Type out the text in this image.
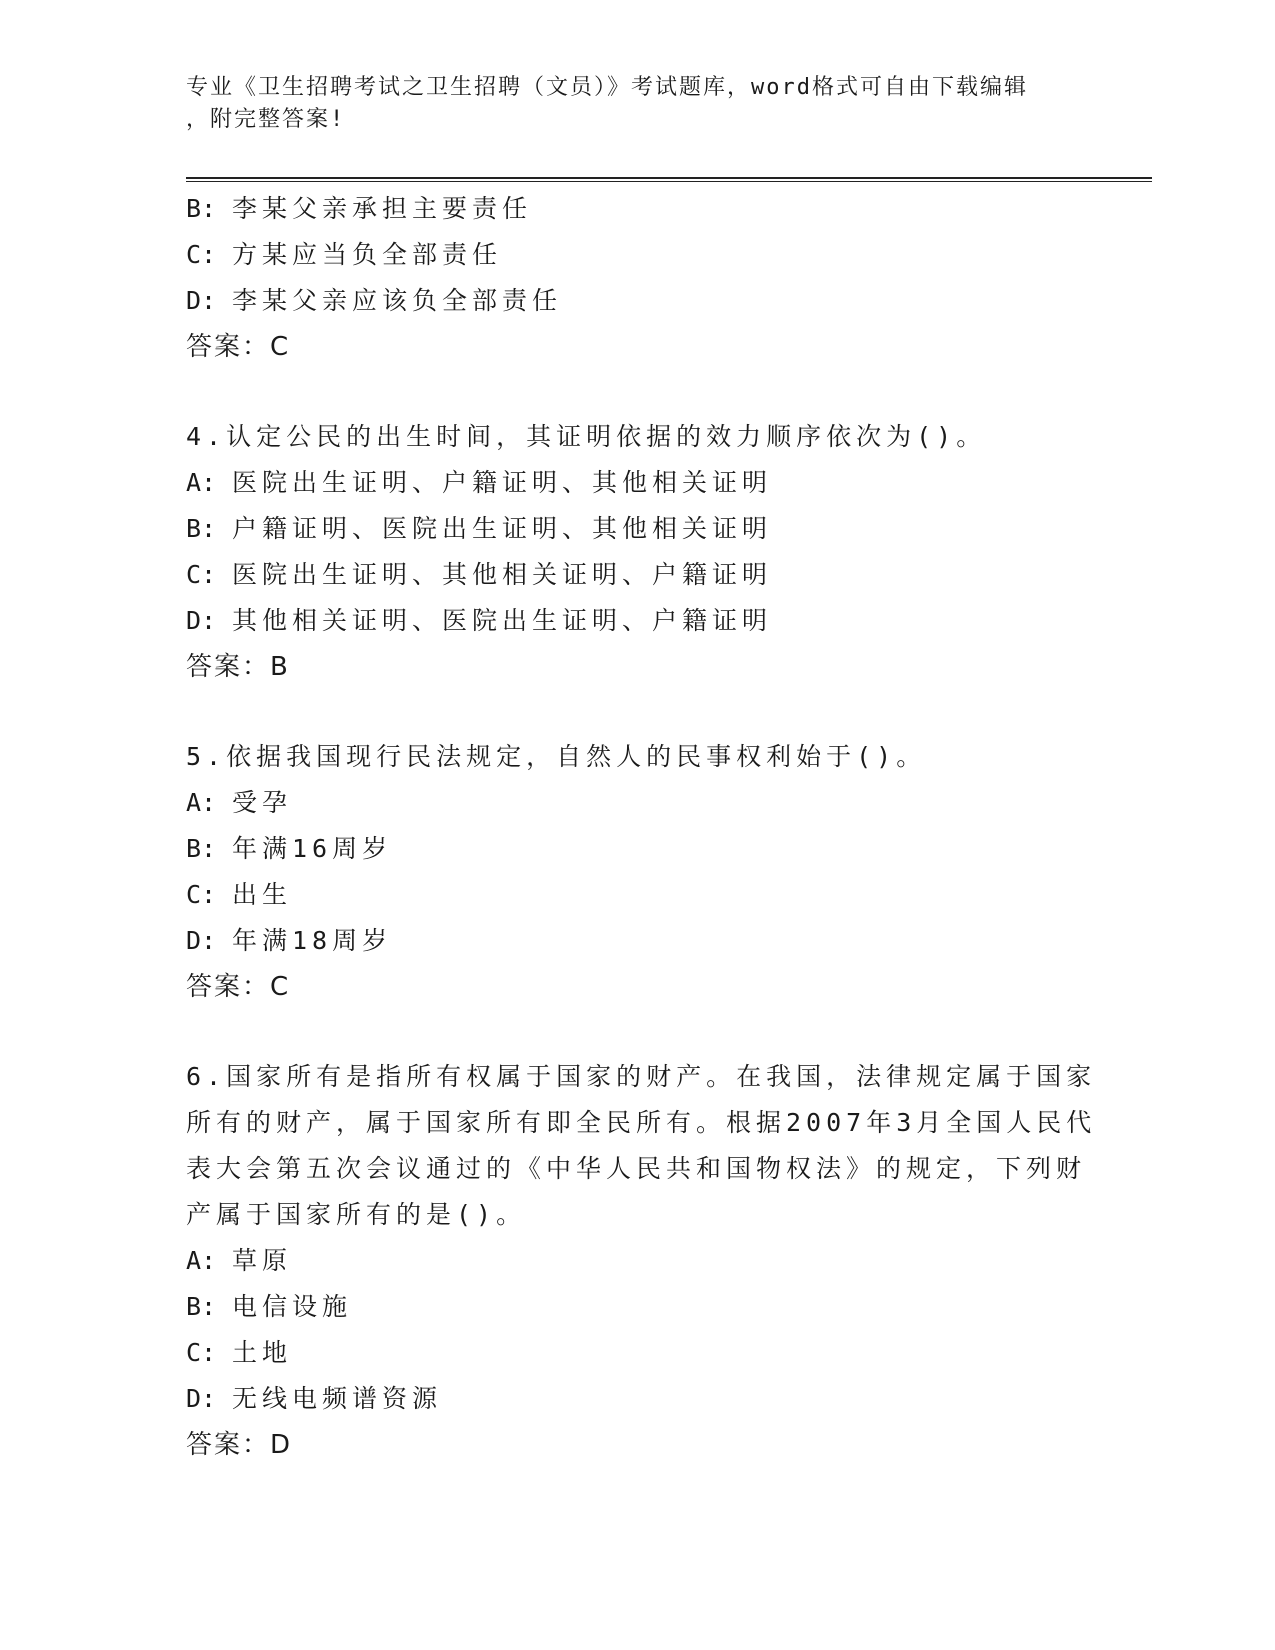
专业《卫生招聘考试之卫生招聘（文员）》考试题库，word格式可自由下载编辑
，附完整答案!
B: 李某父亲承担主要责任
C: 方某应当负全部责任
D: 李某父亲应该负全部责任
答案：C
4.认定公民的出生时间，其证明依据的效力顺序依次为()。
A: 医院出生证明、户籍证明、其他相关证明
B: 户籍证明、医院出生证明、其他相关证明
C: 医院出生证明、其他相关证明、户籍证明
D: 其他相关证明、医院出生证明、户籍证明
答案：B
5.依据我国现行民法规定，自然人的民事权利始于()。
A: 受孕
B: 年满16周岁
C: 出生
D: 年满18周岁
答案：C
6.国家所有是指所有权属于国家的财产。在我国，法律规定属于国家
所有的财产，属于国家所有即全民所有。根据2007年3月全国人民代
表大会第五次会议通过的《中华人民共和国物权法》的规定，下列财
产属于国家所有的是()。
A: 草原
B: 电信设施
C: 土地
D: 无线电频谱资源
答案：D
